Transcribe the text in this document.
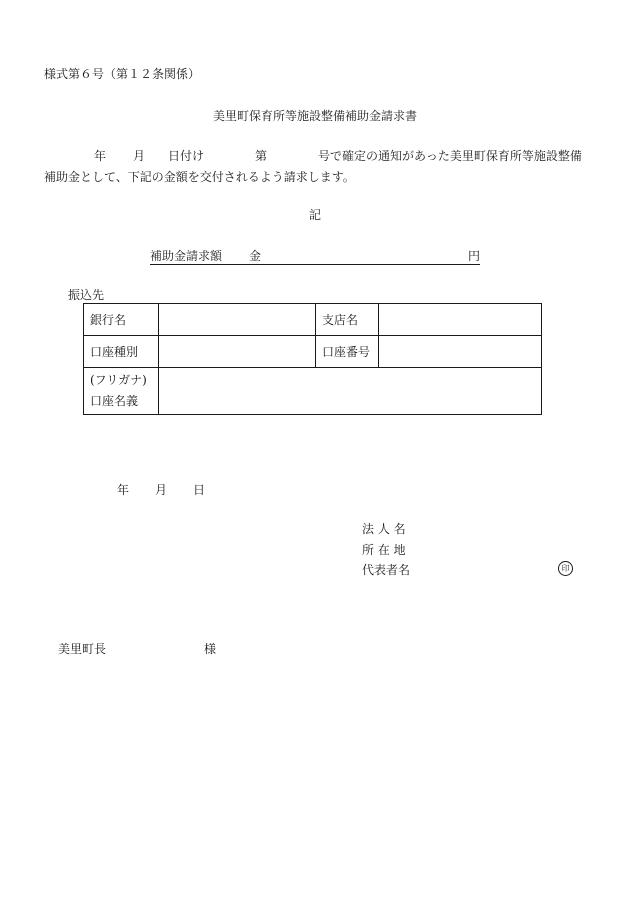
様式第６号（第１２条関係）
美里町保育所等施設整備補助金請求書
年 月 日付け	第	号で確定の通知があった美里町保育所等施設整備
補助金として、下記の金額を交付されるよう請求します。
記
補助金請求額 金	円
振込先
銀行名		支店名	
口座種別		口座番号	

(フリガナ)
口座名義			

年 月 日
法 人 名
所 在 地
代表者名	印
美里町長	様
